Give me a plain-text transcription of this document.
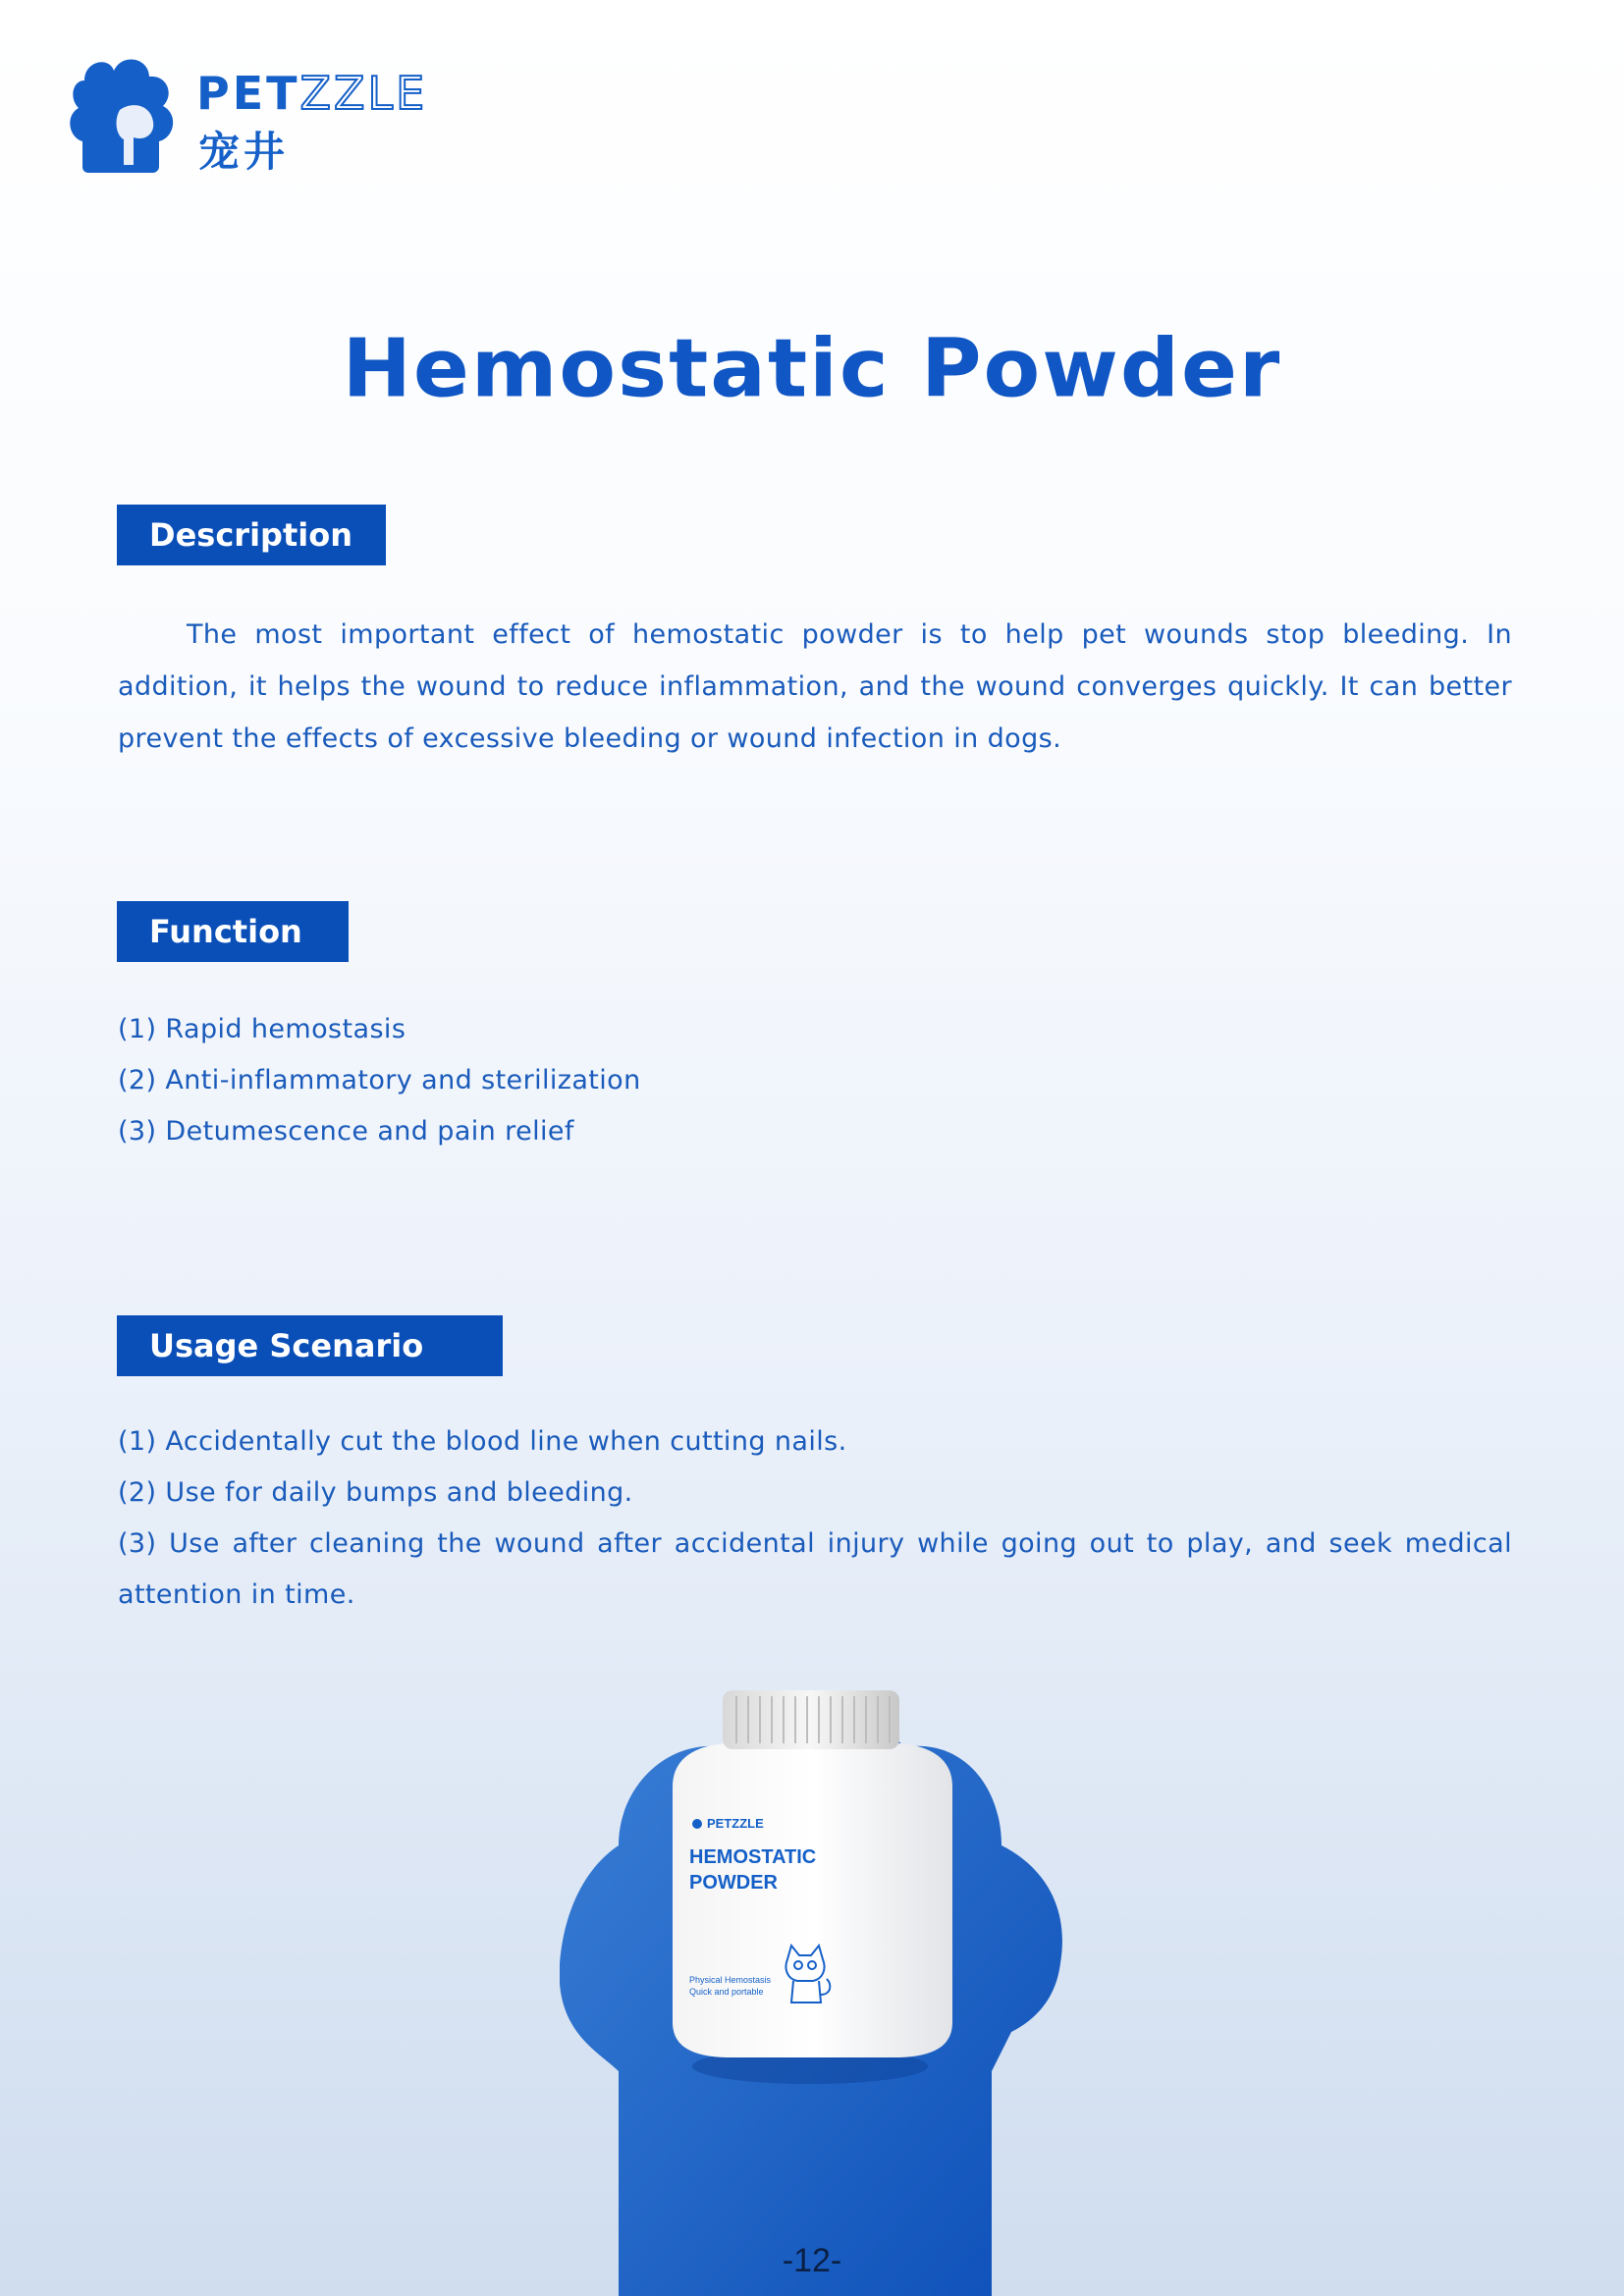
PETZZLE
宠井
Hemostatic Powder
Description
The most important effect of hemostatic powder is to help pet wounds stop bleeding. In addition, it helps the wound to reduce inflammation, and the wound converges quickly. It can better prevent the effects of excessive bleeding or wound infection in dogs.
Function
(1) Rapid hemostasis
(2) Anti-inflammatory and sterilization
(3) Detumescence and pain relief
Usage Scenario
(1) Accidentally cut the blood line when cutting nails.
(2) Use for daily bumps and bleeding.
(3) Use after cleaning the wound after accidental injury while going out to play, and seek medical attention in time.
PETZZLE
HEMOSTATIC
POWDER
Physical Hemostasis
Quick and portable
-12-
